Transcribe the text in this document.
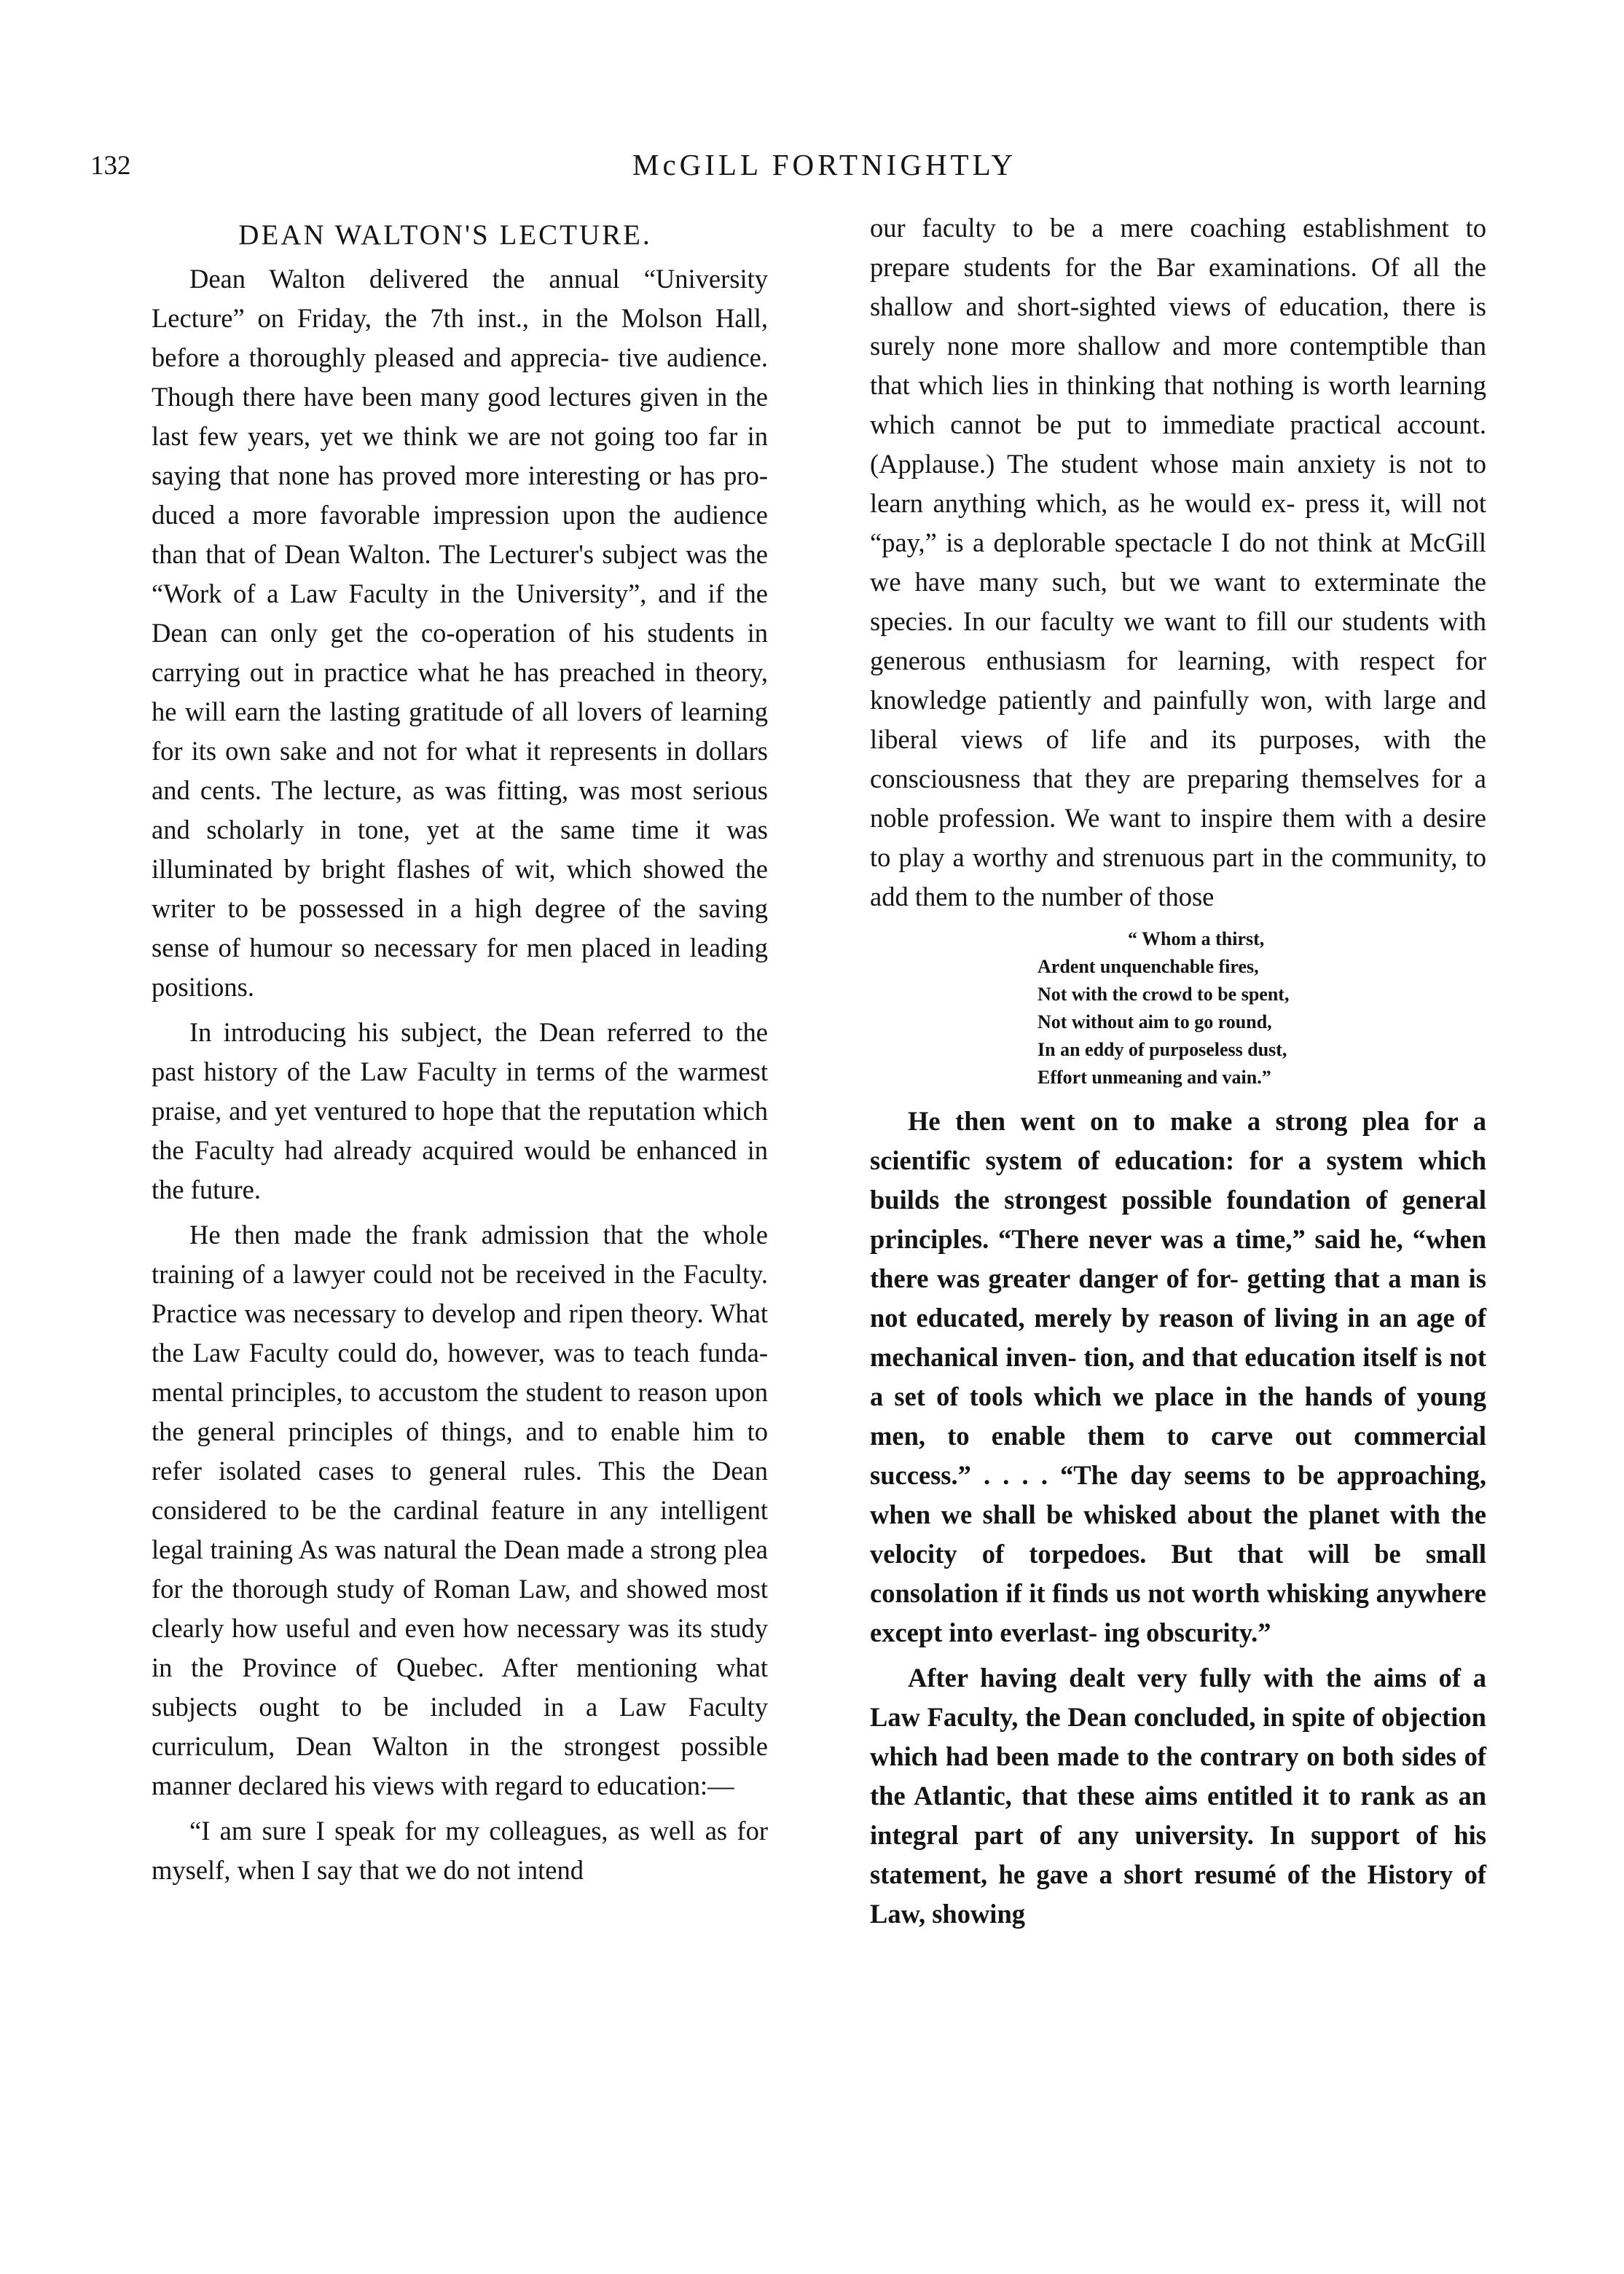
132	McGILL FORTNIGHTLY
DEAN WALTON'S LECTURE.

Dean Walton delivered the annual “University Lecture” on Friday, the 7th inst., in the Molson Hall, before a thoroughly pleased and apprecia- tive audience. Though there have been many good lectures given in the last few years, yet we think we are not going too far in saying that none has proved more interesting or has pro- duced a more favorable impression upon the audience than that of Dean Walton. The Lecturer's subject was the “Work of a Law Faculty in the University”, and if the Dean can only get the co-operation of his students in carrying out in practice what he has preached in theory, he will earn the lasting gratitude of all lovers of learning for its own sake and not for what it represents in dollars and cents. The lecture, as was fitting, was most serious and scholarly in tone, yet at the same time it was illuminated by bright flashes of wit, which showed the writer to be possessed in a high degree of the saving sense of humour so necessary for men placed in leading positions.

In introducing his subject, the Dean referred to the past history of the Law Faculty in terms of the warmest praise, and yet ventured to hope that the reputation which the Faculty had already acquired would be enhanced in the future.

He then made the frank admission that the whole training of a lawyer could not be received in the Faculty. Practice was necessary to develop and ripen theory. What the Law Faculty could do, however, was to teach funda- mental principles, to accustom the student to reason upon the general principles of things, and to enable him to refer isolated cases to general rules. This the Dean considered to be the cardinal feature in any intelligent legal training As was natural the Dean made a strong plea for the thorough study of Roman Law, and showed most clearly how useful and even how necessary was its study in the Province of Quebec. After mentioning what subjects ought to be included in a Law Faculty curriculum, Dean Walton in the strongest possible manner declared his views with regard to education:—

“I am sure I speak for my colleagues, as well as for myself, when I say that we do not intend

our faculty to be a mere coaching establishment to prepare students for the Bar examinations. Of all the shallow and short-sighted views of education, there is surely none more shallow and more contemptible than that which lies in thinking that nothing is worth learning which cannot be put to immediate practical account. (Applause.) The student whose main anxiety is not to learn anything which, as he would ex- press it, will not “pay,” is a deplorable spectacle I do not think at McGill we have many such, but we want to exterminate the species. In our faculty we want to fill our students with generous enthusiasm for learning, with respect for knowledge patiently and painfully won, with large and liberal views of life and its purposes, with the consciousness that they are preparing themselves for a noble profession. We want to inspire them with a desire to play a worthy and strenuous part in the community, to add them to the number of those

“ Whom a thirst,
Ardent unquenchable fires,
Not with the crowd to be spent,
Not without aim to go round,
In an eddy of purposeless dust,
Effort unmeaning and vain.”

He then went on to make a strong plea for a scientific system of education: for a system which builds the strongest possible foundation of general principles. “There never was a time,” said he, “when there was greater danger of for- getting that a man is not educated, merely by reason of living in an age of mechanical inven- tion, and that education itself is not a set of tools which we place in the hands of young men, to enable them to carve out commercial success.” . . . . “The day seems to be approaching, when we shall be whisked about the planet with the velocity of torpedoes. But that will be small consolation if it finds us not worth whisking anywhere except into everlast- ing obscurity.”

After having dealt very fully with the aims of a Law Faculty, the Dean concluded, in spite of objection which had been made to the contrary on both sides of the Atlantic, that these aims entitled it to rank as an integral part of any university. In support of his statement, he gave a short resumé of the History of Law, showing
